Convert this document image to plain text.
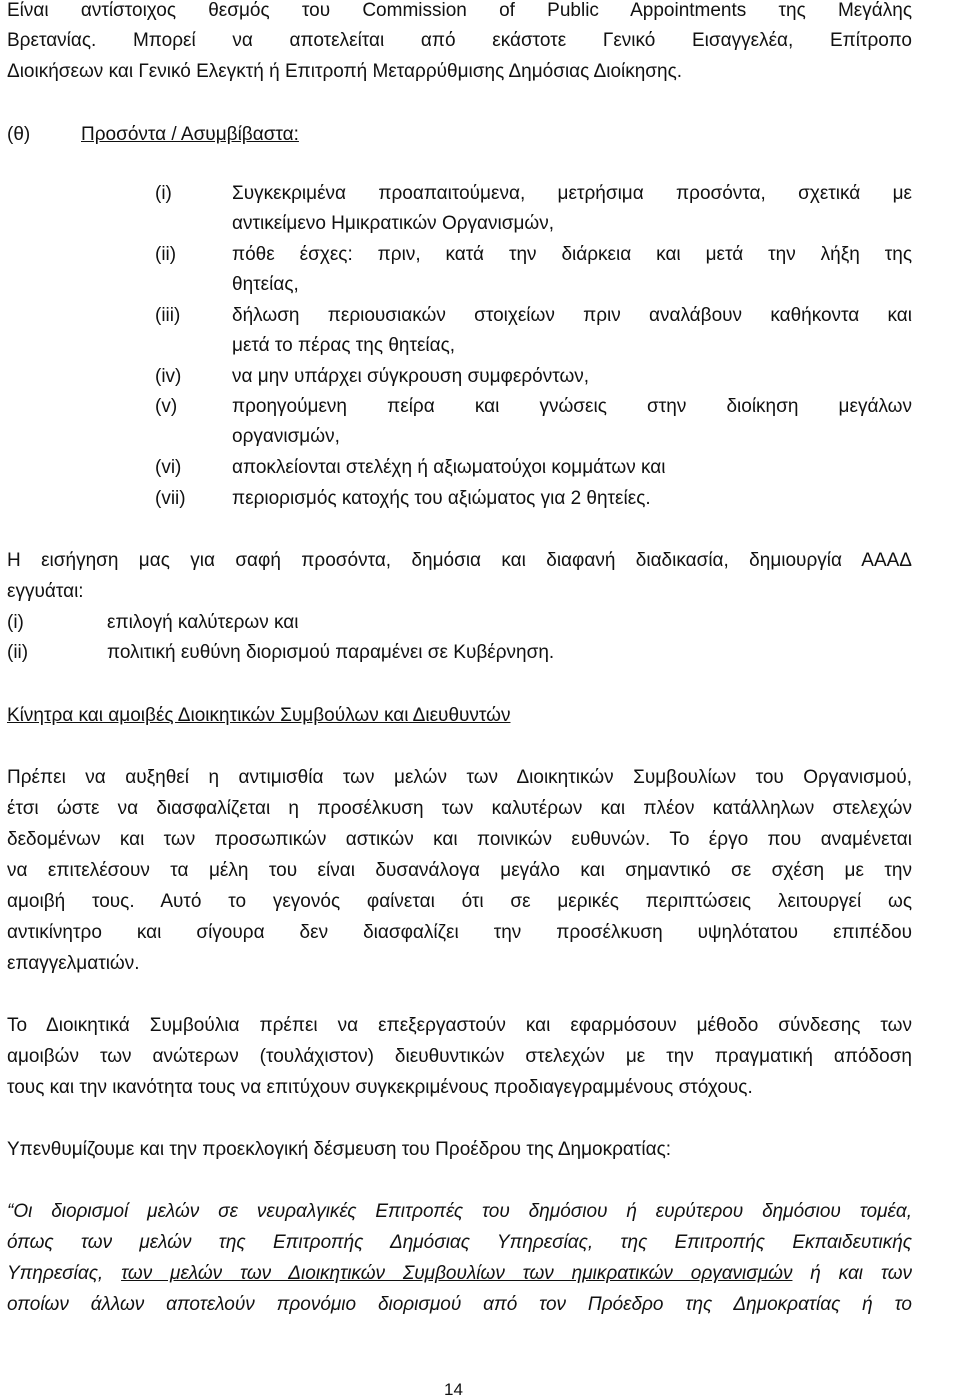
Είναι αντίστοιχος θεσμός του Commission of Public Appointments της Μεγάλης
Βρετανίας. Μπορεί να αποτελείται από εκάστοτε Γενικό Εισαγγελέα, Επίτροπο
Διοικήσεων και Γενικό Ελεγκτή ή Επιτροπή Μεταρρύθμισης Δημόσιας Διοίκησης.
(θ)	Προσόντα / Ασυμβίβαστα:
(i)	Συγκεκριμένα προαπαιτούμενα, μετρήσιμα προσόντα, σχετικά με
αντικείμενο Ημικρατικών Οργανισμών,
(ii)	πόθε έσχες: πριν, κατά την διάρκεια και μετά την λήξη της
θητείας,
(iii)	δήλωση περιουσιακών στοιχείων πριν αναλάβουν καθήκοντα και
μετά το πέρας της θητείας,
(iv)	να μην υπάρχει σύγκρουση συμφερόντων,
(v)	προηγούμενη πείρα και γνώσεις στην διοίκηση μεγάλων
οργανισμών,
(vi)	αποκλείονται στελέχη ή αξιωματούχοι κομμάτων και
(vii) περιορισμός κατοχής του αξιώματος για 2 θητείες.
Η εισήγηση μας για σαφή προσόντα, δημόσια και διαφανή διαδικασία, δημιουργία ΑΑΑΔ
εγγυάται:
(i)	επιλογή καλύτερων και
(ii)	πολιτική ευθύνη διορισμού παραμένει σε Κυβέρνηση.
Κίνητρα και αμοιβές Διοικητικών Συμβούλων και Διευθυντών
Πρέπει να αυξηθεί η αντιμισθία των μελών των Διοικητικών Συμβουλίων του Οργανισμού,
έτσι ώστε να διασφαλίζεται η προσέλκυση των καλυτέρων και πλέον κατάλληλων στελεχών
δεδομένων και των προσωπικών αστικών και ποινικών ευθυνών. Το έργο που αναμένεται
να επιτελέσουν τα μέλη του είναι δυσανάλογα μεγάλο και σημαντικό σε σχέση με την
αμοιβή τους. Αυτό το γεγονός φαίνεται ότι σε μερικές περιπτώσεις λειτουργεί ως
αντικίνητρο και σίγουρα δεν διασφαλίζει την προσέλκυση υψηλότατου επιπέδου
επαγγελματιών.
Το Διοικητικά Συμβούλια πρέπει να επεξεργαστούν και εφαρμόσουν μέθοδο σύνδεσης των
αμοιβών των ανώτερων (τουλάχιστον) διευθυντικών στελεχών με την πραγματική απόδοση
τους και την ικανότητα τους να επιτύχουν συγκεκριμένους προδιαγεγραμμένους στόχους.
Υπενθυμίζουμε και την προεκλογική δέσμευση του Προέδρου της Δημοκρατίας:
“Οι διορισμοί μελών σε νευραλγικές Επιτροπές του δημόσιου ή ευρύτερου δημόσιου τομέα,
όπως των μελών της Επιτροπής Δημόσιας Υπηρεσίας, της Επιτροπής Εκπαιδευτικής
Υπηρεσίας, των μελών των Διοικητικών Συμβουλίων των ημικρατικών οργανισμών ή και των
οποίων άλλων αποτελούν προνόμιο διορισμού από τον Πρόεδρο της Δημοκρατίας ή το
14
